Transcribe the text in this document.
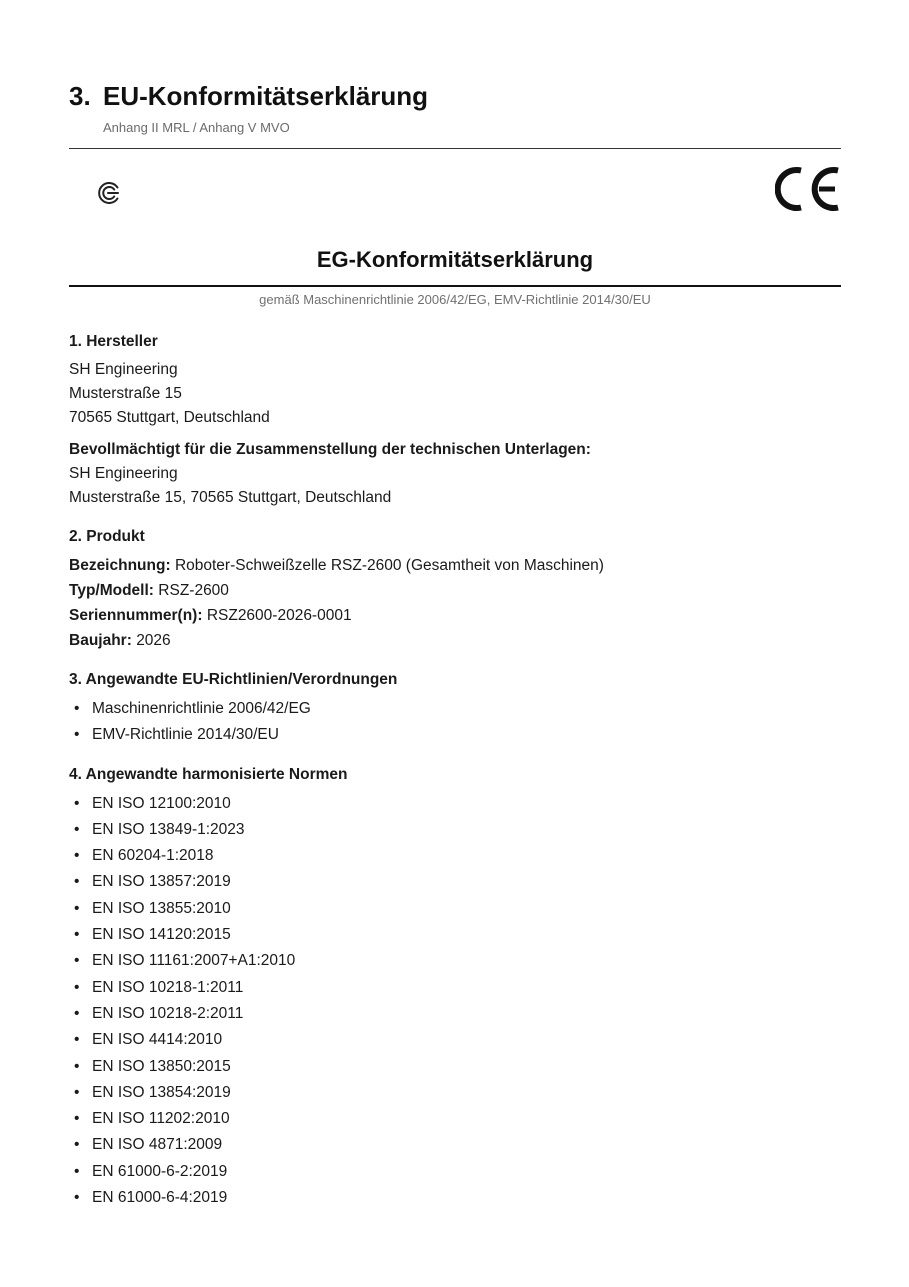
3. EU-Konformitätserklärung
Anhang II MRL / Anhang V MVO
EG-Konformitätserklärung
gemäß Maschinenrichtlinie 2006/42/EG, EMV-Richtlinie 2014/30/EU

1. Hersteller

SH Engineering

Musterstraße 15

70565 Stuttgart, Deutschland

Bevollmächtigt für die Zusammenstellung der technischen Unterlagen:

SH Engineering

Musterstraße 15, 70565 Stuttgart, Deutschland

2. Produkt

Bezeichnung: Roboter-Schweißzelle RSZ-2600 (Gesamtheit von Maschinen)

Typ/Modell: RSZ-2600

Seriennummer(n): RSZ2600-2026-0001

Baujahr: 2026

3. Angewandte EU-Richtlinien/Verordnungen

• Maschinenrichtlinie 2006/42/EG
• EMV-Richtlinie 2014/30/EU

4. Angewandte harmonisierte Normen

• EN ISO 12100:2010
• EN ISO 13849-1:2023
• EN 60204-1:2018
• EN ISO 13857:2019
• EN ISO 13855:2010
• EN ISO 14120:2015
• EN ISO 11161:2007+A1:2010
• EN ISO 10218-1:2011
• EN ISO 10218-2:2011
• EN ISO 4414:2010
• EN ISO 13850:2015
• EN ISO 13854:2019
• EN ISO 11202:2010
• EN ISO 4871:2009
• EN 61000-6-2:2019
• EN 61000-6-4:2019
